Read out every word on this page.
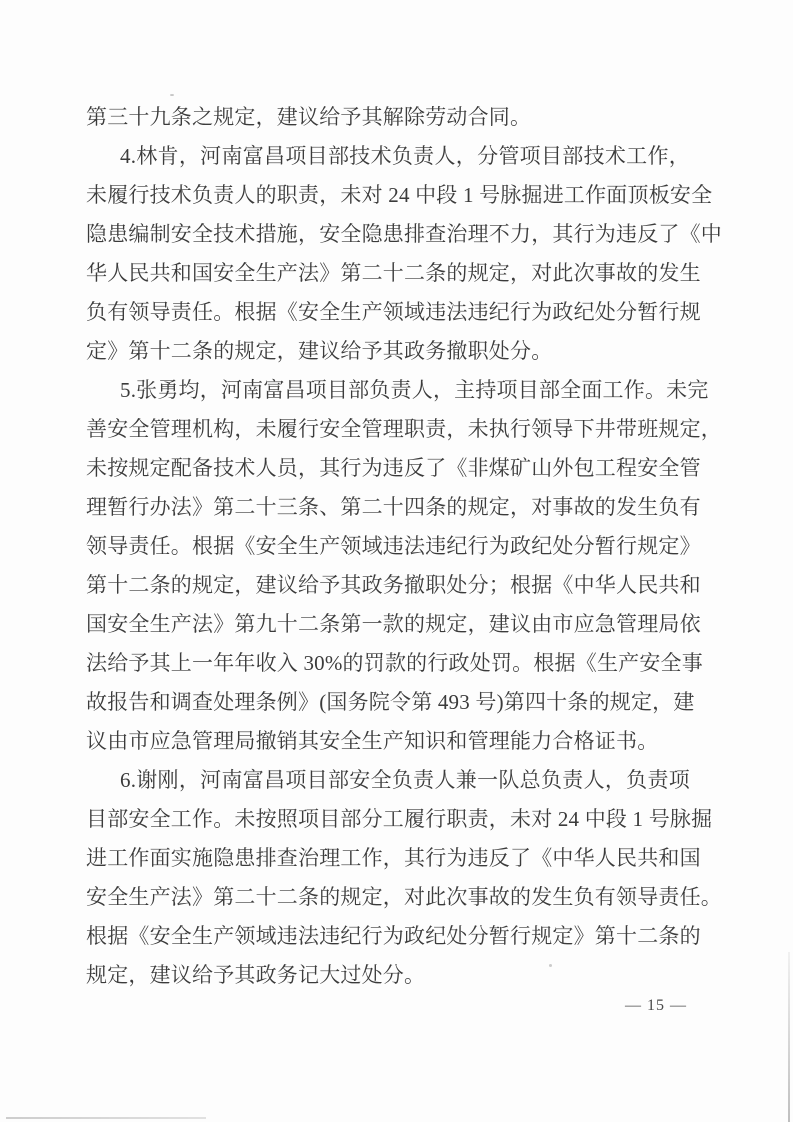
第三十九条之规定，建议给予其解除劳动合同。
4.林肯，河南富昌项目部技术负责人，分管项目部技术工作，
未履行技术负责人的职责，未对 24 中段 1 号脉掘进工作面顶板安全
隐患编制安全技术措施，安全隐患排查治理不力，其行为违反了《中
华人民共和国安全生产法》第二十二条的规定，对此次事故的发生
负有领导责任。根据《安全生产领域违法违纪行为政纪处分暂行规
定》第十二条的规定，建议给予其政务撤职处分。
5.张勇均，河南富昌项目部负责人，主持项目部全面工作。未完
善安全管理机构，未履行安全管理职责，未执行领导下井带班规定，
未按规定配备技术人员，其行为违反了《非煤矿山外包工程安全管
理暂行办法》第二十三条、第二十四条的规定，对事故的发生负有
领导责任。根据《安全生产领域违法违纪行为政纪处分暂行规定》
第十二条的规定，建议给予其政务撤职处分；根据《中华人民共和
国安全生产法》第九十二条第一款的规定，建议由市应急管理局依
法给予其上一年年收入 30%的罚款的行政处罚。根据《生产安全事
故报告和调查处理条例》(国务院令第 493 号)第四十条的规定，建
议由市应急管理局撤销其安全生产知识和管理能力合格证书。
6.谢刚，河南富昌项目部安全负责人兼一队总负责人，负责项
目部安全工作。未按照项目部分工履行职责，未对 24 中段 1 号脉掘
进工作面实施隐患排查治理工作，其行为违反了《中华人民共和国
安全生产法》第二十二条的规定，对此次事故的发生负有领导责任。
根据《安全生产领域违法违纪行为政纪处分暂行规定》第十二条的
规定，建议给予其政务记大过处分。
— 15 —
